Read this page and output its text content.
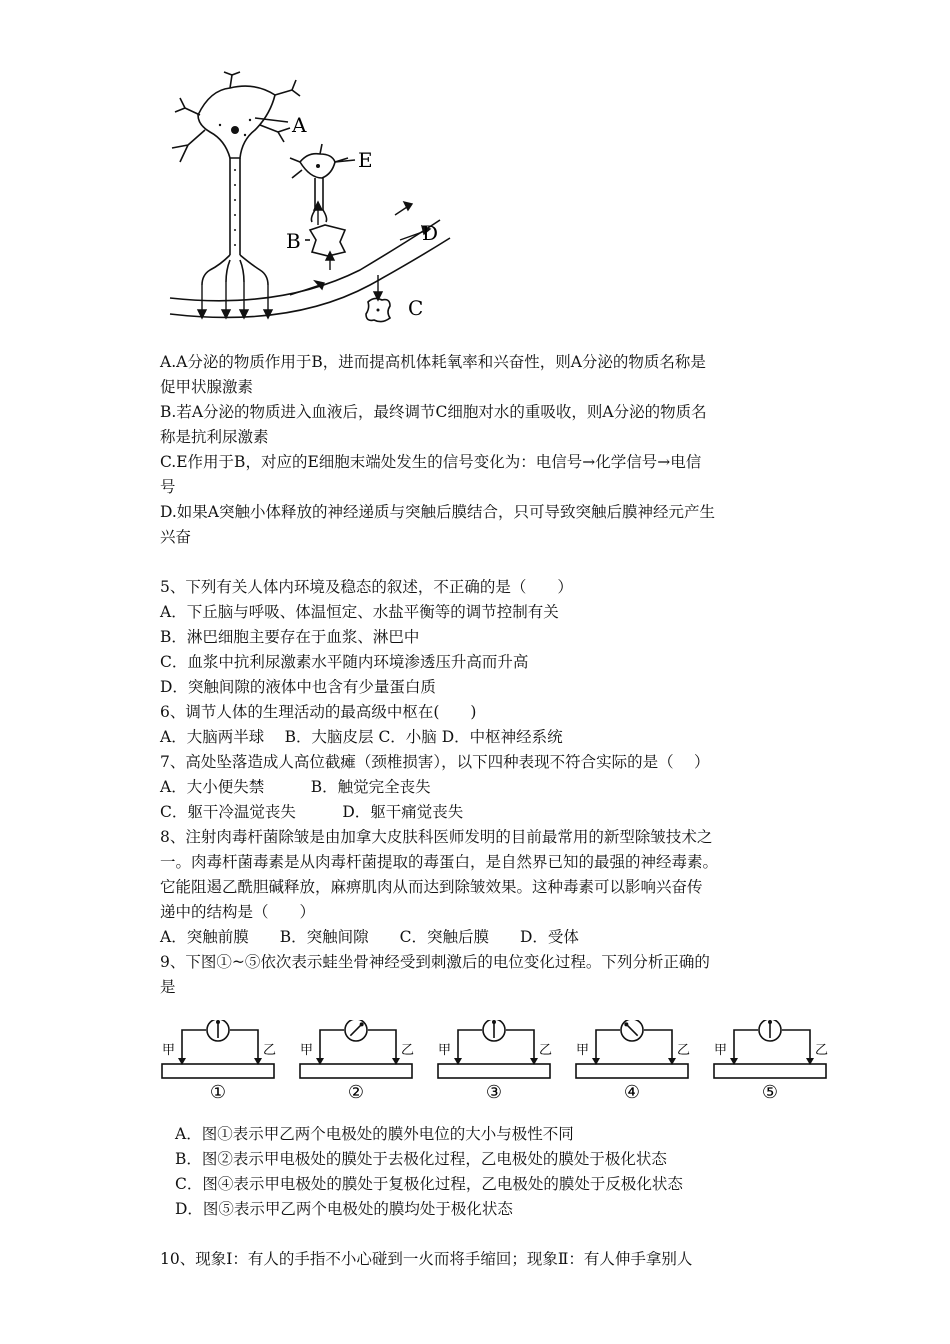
A
E
B	D
C
A.A分泌的物质作用于B，进而提高机体耗氧率和兴奋性，则A分泌的物质名称是
促甲状腺激素
B.若A分泌的物质进入血液后，最终调节C细胞对水的重吸收，则A分泌的物质名
称是抗利尿激素
C.E作用于B，对应的E细胞末端处发生的信号变化为：电信号→化学信号→电信
号
D.如果A突触小体释放的神经递质与突触后膜结合，只可导致突触后膜神经元产生
兴奋
5、下列有关人体内环境及稳态的叙述，不正确的是（　　）
A．下丘脑与呼吸、体温恒定、水盐平衡等的调节控制有关
B．淋巴细胞主要存在于血浆、淋巴中
C．血浆中抗利尿激素水平随内环境渗透压升高而升高
D．突触间隙的液体中也含有少量蛋白质
6、调节人体的生理活动的最高级中枢在(　　)
A．大脑两半球　 B．大脑皮层 C．小脑 D．中枢神经系统
7、高处坠落造成人高位截瘫（颈椎损害），以下四种表现不符合实际的是（　 ）
A．大小便失禁　　　B．触觉完全丧失
C．躯干冷温觉丧失　　　D．躯干痛觉丧失
8、注射肉毒杆菌除皱是由加拿大皮肤科医师发明的目前最常用的新型除皱技术之
一。肉毒杆菌毒素是从肉毒杆菌提取的毒蛋白，是自然界已知的最强的神经毒素。
它能阻遏乙酰胆碱释放，麻痹肌肉从而达到除皱效果。这种毒素可以影响兴奋传
递中的结构是（　　）
A．突触前膜　　B．突触间隙　　C．突触后膜　　D．受体
9、下图①~⑤依次表示蛙坐骨神经受到刺激后的电位变化过程。下列分析正确的
是
甲	乙
①
甲	乙
②
甲	乙
③
甲	乙
④
甲	乙
⑤
A．图①表示甲乙两个电极处的膜外电位的大小与极性不同
B．图②表示甲电极处的膜处于去极化过程，乙电极处的膜处于极化状态
C．图④表示甲电极处的膜处于复极化过程，乙电极处的膜处于反极化状态
D．图⑤表示甲乙两个电极处的膜均处于极化状态
10、现象Ⅰ：有人的手指不小心碰到一火而将手缩回；现象Ⅱ：有人伸手拿别人
